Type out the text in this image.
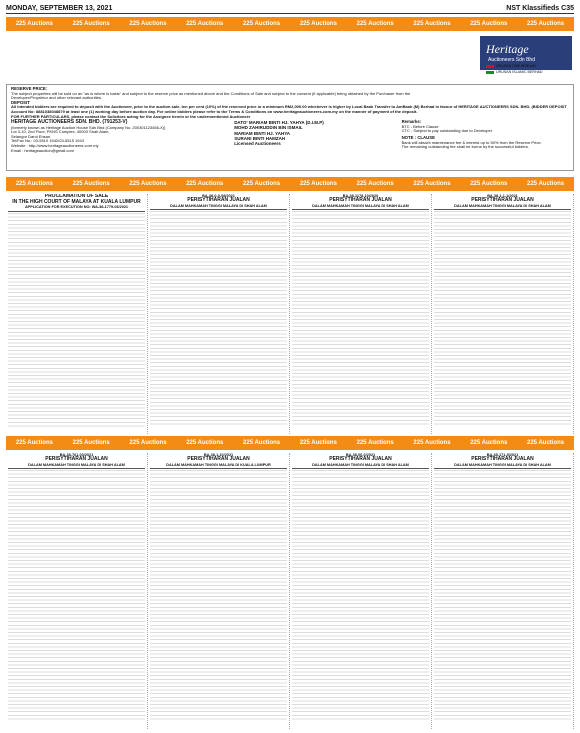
MONDAY, SEPTEMBER 13, 2021	NST Klassifieds C35
225 Auctions	225 Auctions	225 Auctions	225 Auctions	225 Auctions	225 Auctions	225 Auctions	225 Auctions	225 Auctions	225 Auctions
Heritage
Auctioneers Sdn Bhd
RESERVE PRICE:
The subject properties will be sold on an "as is where is basis" and subject to the reserve price as mentioned above and the Conditions of Sale and subject to the consent (if applicable) being obtained by the Purchaser from the Developer/Proprietor and other relevant authorities.
DEPOSIT
All intended bidders are required to deposit with the Auctioneer, prior to the auction sale, ten per cent (10%) of the reserved price or a minimum RM2,000.00 whichever is higher by Local Bank Transfer to AmBank (M) Berhad in favour of HERITAGE AUCTIONEERS SDN. BHD. (BIDDER DEPOSIT Account No: 8881038048879 at least one (1) working day before auction day. For online bidders please refer to the Terms & Conditions on www.heritageauctioneers.com.my on the manner of payment of the deposit.
FOR FURTHER PARTICULARS, please contact the Solicitors acting for the Assignee herein or the undermentioned Auctioneer
HERITAGE AUCTIONEERS SDN. BHD. (791253-V)
(formerly known as Heritage Auction House Sdn Bhd (Company No. 200301123456-X))
Lot 3-10, 2nd Floor, PKNS Complex, 40000 Shah Alam,
Selangor Darul Ehsan.
Tel/Fax No.: 03-5510 1542/03-5515 1943
Website : http://www.heritageauctioneers.com.my
Email : heritageauction@gmail.com
DATO' MARIAM BINTI HJ. YAHYA (D.I.M.P)
MOHD ZAHIRUDDIN BIN ISMAIL
MARIAM BINTI HJ. YAHYA
SURANI BINTI HAMZAH
Licensed Auctioneers
Remarks:
BTC - Before Clause
CTC - Subject to pay outstanding due to Developer
NOTE : CLAUSE
Bank will absorb maintenance fee & interest up to 50% from the Reserve Price.
The remaining outstanding fee shall be borne by the successful bidders.
URUSAN ONE BERHAD
URUSAN ISLAMIC BERHAD
225 Auctions	225 Auctions	225 Auctions	225 Auctions	225 Auctions	225 Auctions	225 Auctions	225 Auctions	225 Auctions	225 Auctions
PROCLAMATION OF SALE
IN THE HIGH COURT OF MALAYA AT KUALA LUMPUR
APPLICATION FOR EXECUTION NO: WA-38-1779-03/2021
BA-38-0-0-08/2021
PERISYTIHARAN JUALAN
DALAM MAHKAMAH TINGGI MALAYA DI SHAH ALAM
BA-38-1178-10/2020
PERISYTIHARAN JUALAN
DALAM MAHKAMAH TINGGI MALAYA DI SHAH ALAM
BA-38-1-1-1/2021
PERISYTIHARAN JUALAN
DALAM MAHKAMAH TINGGI MALAYA DI SHAH ALAM
225 Auctions	225 Auctions	225 Auctions	225 Auctions	225 Auctions	225 Auctions	225 Auctions	225 Auctions	225 Auctions	225 Auctions
BA-38-761-03/2021
PERISYTIHARAN JUALAN
DALAM MAHKAMAH TINGGI MALAYA DI SHAH ALAM
BA-38-1-10/2021
PERISYTIHARAN JUALAN
DALAM MAHKAMAH TINGGI MALAYA DI KUALA LUMPUR
BA-38-00-0/2021
PERISYTIHARAN JUALAN
DALAM MAHKAMAH TINGGI MALAYA DI SHAH ALAM
BA-38-171-9/2021
PERISYTIHARAN JUALAN
DALAM MAHKAMAH TINGGI MALAYA DI SHAH ALAM
